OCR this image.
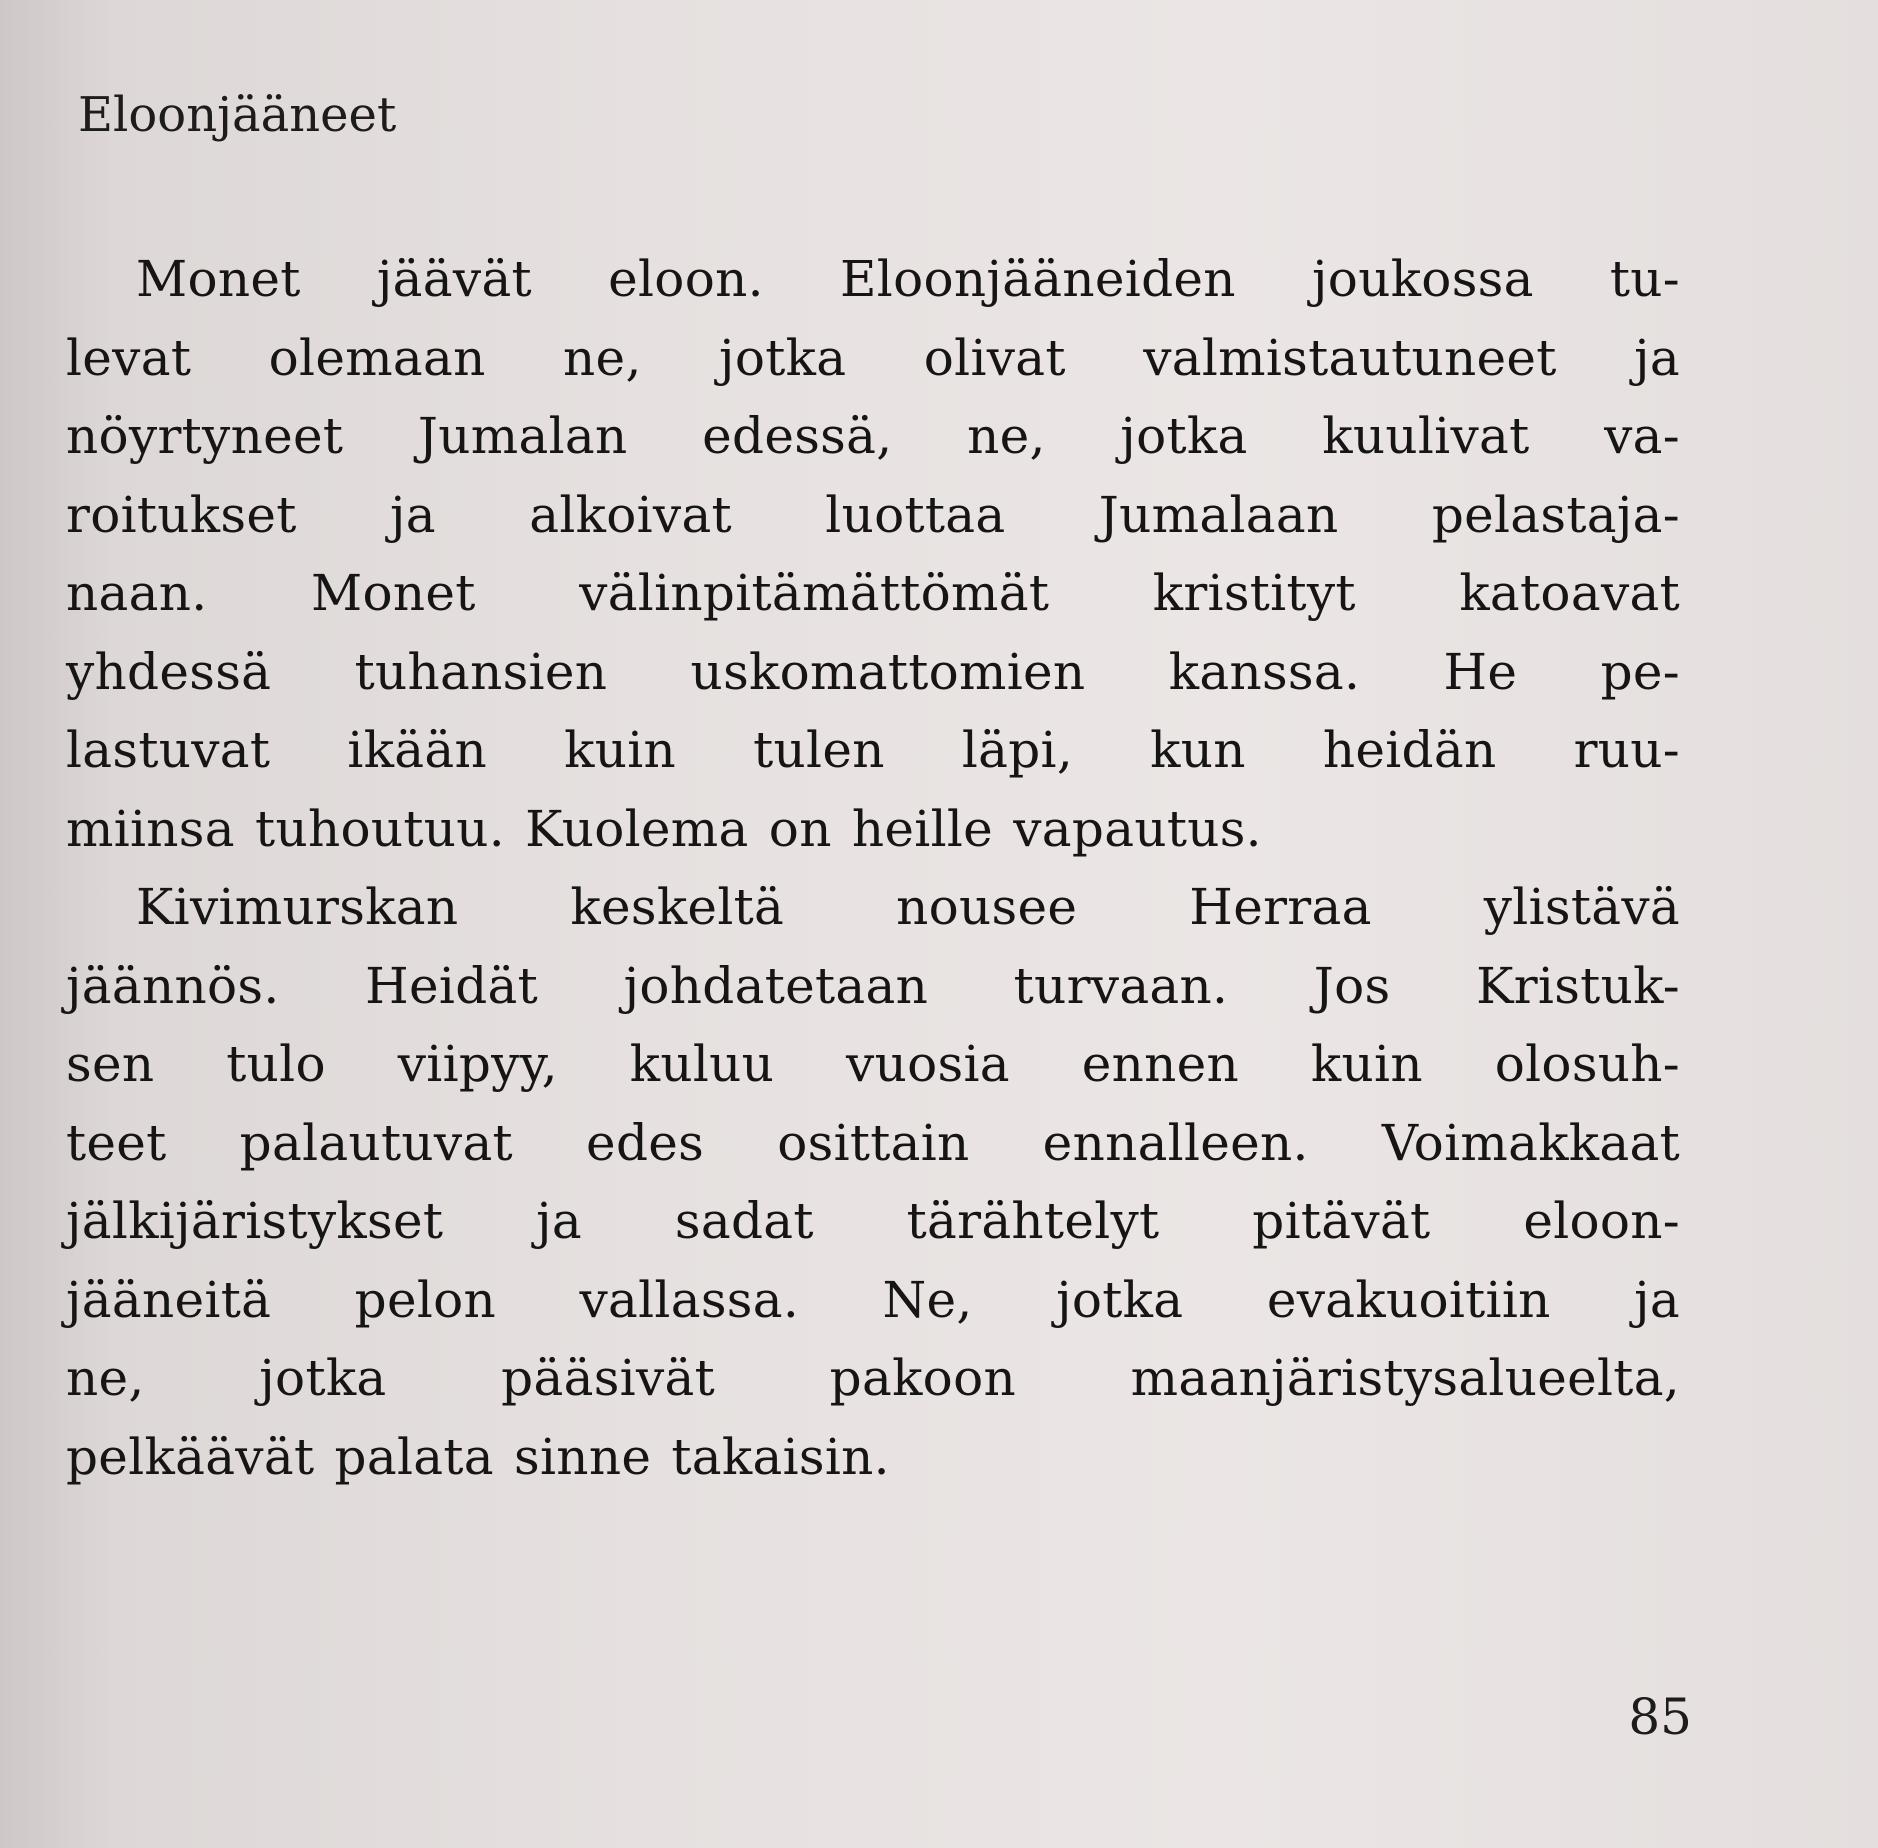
Eloonjääneet
Monet jäävät eloon. Eloonjääneiden joukossa tu-
levat olemaan ne, jotka olivat valmistautuneet ja
nöyrtyneet Jumalan edessä, ne, jotka kuulivat va-
roitukset ja alkoivat luottaa Jumalaan pelastaja-
naan. Monet välinpitämättömät kristityt katoavat
yhdessä tuhansien uskomattomien kanssa. He pe-
lastuvat ikään kuin tulen läpi, kun heidän ruu-
miinsa tuhoutuu. Kuolema on heille vapautus.
Kivimurskan keskeltä nousee Herraa ylistävä
jäännös. Heidät johdatetaan turvaan. Jos Kristuk-
sen tulo viipyy, kuluu vuosia ennen kuin olosuh-
teet palautuvat edes osittain ennalleen. Voimakkaat
jälkijäristykset ja sadat tärähtelyt pitävät eloon-
jääneitä pelon vallassa. Ne, jotka evakuoitiin ja
ne, jotka pääsivät pakoon maanjäristysalueelta,
pelkäävät palata sinne takaisin.
85
